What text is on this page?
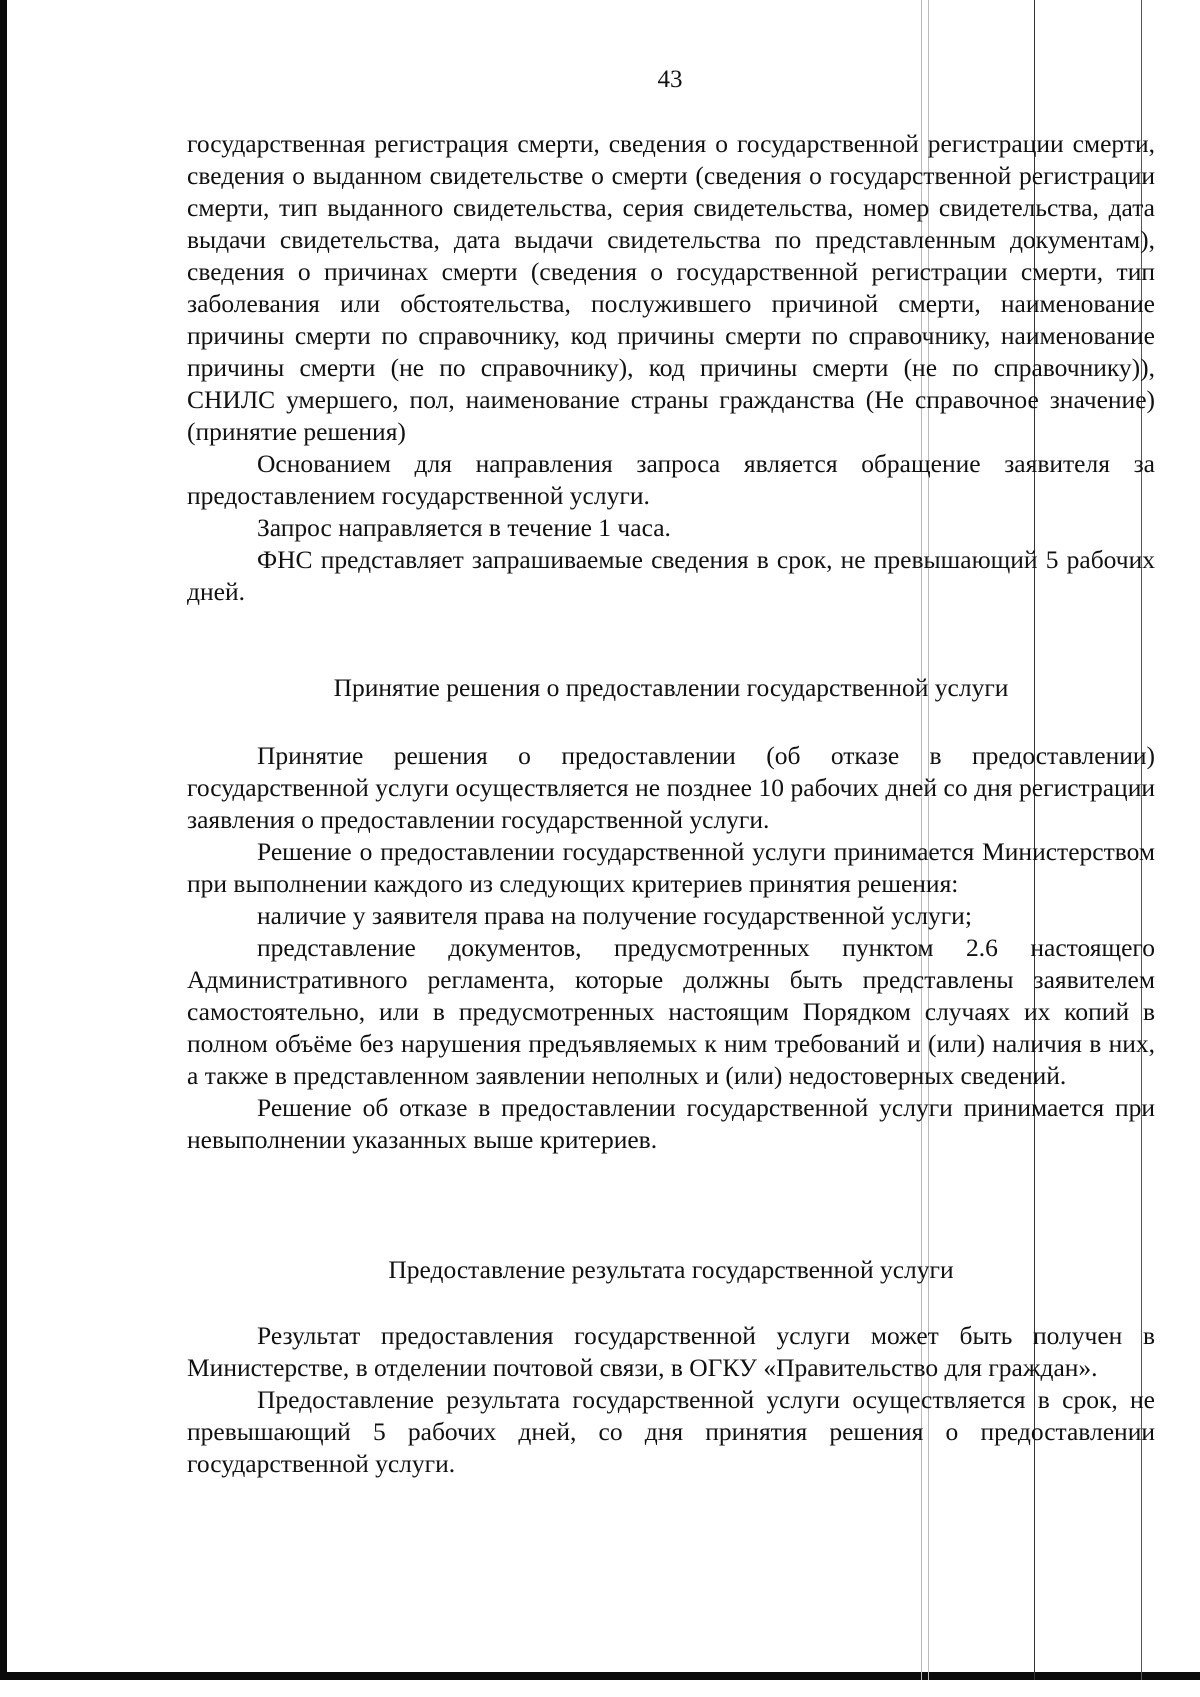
43

государственная регистрация смерти, сведения о государственной регистрации смерти, сведения о выданном свидетельстве о смерти (сведения о государственной регистрации смерти, тип выданного свидетельства, серия свидетельства, номер свидетельства, дата выдачи свидетельства, дата выдачи свидетельства по представленным документам), сведения о причинах смерти (сведения о государственной регистрации смерти, тип заболевания или обстоятельства, послужившего причиной смерти, наименование причины смерти по справочнику, код причины смерти по справочнику, наименование причины смерти (не по справочнику), код причины смерти (не по справочнику)), СНИЛС умершего, пол, наименование страны гражданства (Не справочное значение) (принятие решения)

Основанием для направления запроса является обращение заявителя за предоставлением государственной услуги.

Запрос направляется в течение 1 часа.

ФНС представляет запрашиваемые сведения в срок, не превышающий 5 рабочих дней.

Принятие решения о предоставлении государственной услуги

Принятие решения о предоставлении (об отказе в предоставлении) государственной услуги осуществляется не позднее 10 рабочих дней со дня регистрации заявления о предоставлении государственной услуги.

Решение о предоставлении государственной услуги принимается Министерством при выполнении каждого из следующих критериев принятия решения:

наличие у заявителя права на получение государственной услуги;

представление документов, предусмотренных пунктом 2.6 настоящего Административного регламента, которые должны быть представлены заявителем самостоятельно, или в предусмотренных настоящим Порядком случаях их копий в полном объёме без нарушения предъявляемых к ним требований и (или) наличия в них, а также в представленном заявлении неполных и (или) недостоверных сведений.

Решение об отказе в предоставлении государственной услуги принимается при невыполнении указанных выше критериев.

Предоставление результата государственной услуги

Результат предоставления государственной услуги может быть получен в Министерстве, в отделении почтовой связи, в ОГКУ «Правительство для граждан».

Предоставление результата государственной услуги осуществляется в срок, не превышающий 5 рабочих дней, со дня принятия решения о предоставлении государственной услуги.
